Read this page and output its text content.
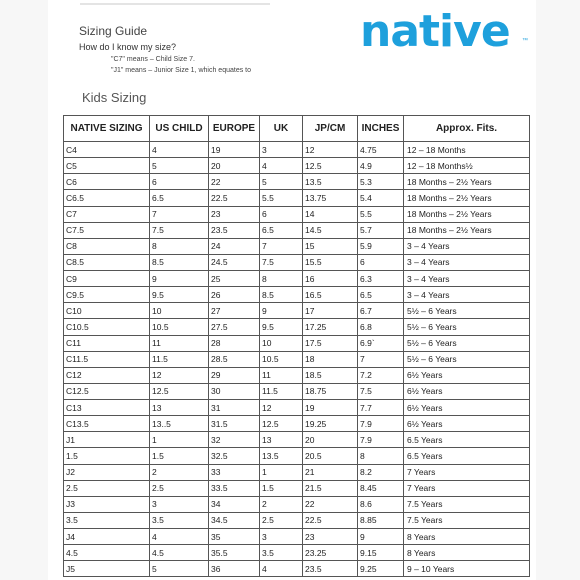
Sizing Guide
How do I know my size?
"C7" means – Child Size 7.
"J1" means – Junior Size 1, which equates to
native ™
Kids Sizing
NATIVE SIZING	US CHILD	EUROPE	UK	JP/CM	INCHES	Approx. Fits.
C4	4	19	3	12	4.75	12 – 18 Months
C5	5	20	4	12.5	4.9	12 – 18 Months½
C6	6	22	5	13.5	5.3	18 Months – 2½ Years
C6.5	6.5	22.5	5.5	13.75	5.4	18 Months – 2½ Years
C7	7	23	6	14	5.5	18 Months – 2½ Years
C7.5	7.5	23.5	6.5	14.5	5.7	18 Months – 2½ Years
C8	8	24	7	15	5.9	3 – 4 Years
C8.5	8.5	24.5	7.5	15.5	6	3 – 4 Years
C9	9	25	8	16	6.3	3 – 4 Years
C9.5	9.5	26	8.5	16.5	6.5	3 – 4 Years
C10	10	27	9	17	6.7	5½ – 6 Years
C10.5	10.5	27.5	9.5	17.25	6.8	5½ – 6 Years
C11	11	28	10	17.5	6.9`	5½ – 6 Years
C11.5	11.5	28.5	10.5	18	7	5½ – 6 Years
C12	12	29	11	18.5	7.2	6½ Years
C12.5	12.5	30	11.5	18.75	7.5	6½ Years
C13	13	31	12	19	7.7	6½ Years
C13.5	13..5	31.5	12.5	19.25	7.9	6½ Years
J1	1	32	13	20	7.9	6.5 Years
1.5	1.5	32.5	13.5	20.5	8	6.5 Years
J2	2	33	1	21	8.2	7 Years
2.5	2.5	33.5	1.5	21.5	8.45	7 Years
J3	3	34	2	22	8.6	7.5 Years
3.5	3.5	34.5	2.5	22.5	8.85	7.5 Years
J4	4	35	3	23	9	8 Years
4.5	4.5	35.5	3.5	23.25	9.15	8 Years
J5	5	36	4	23.5	9.25	9 – 10 Years
